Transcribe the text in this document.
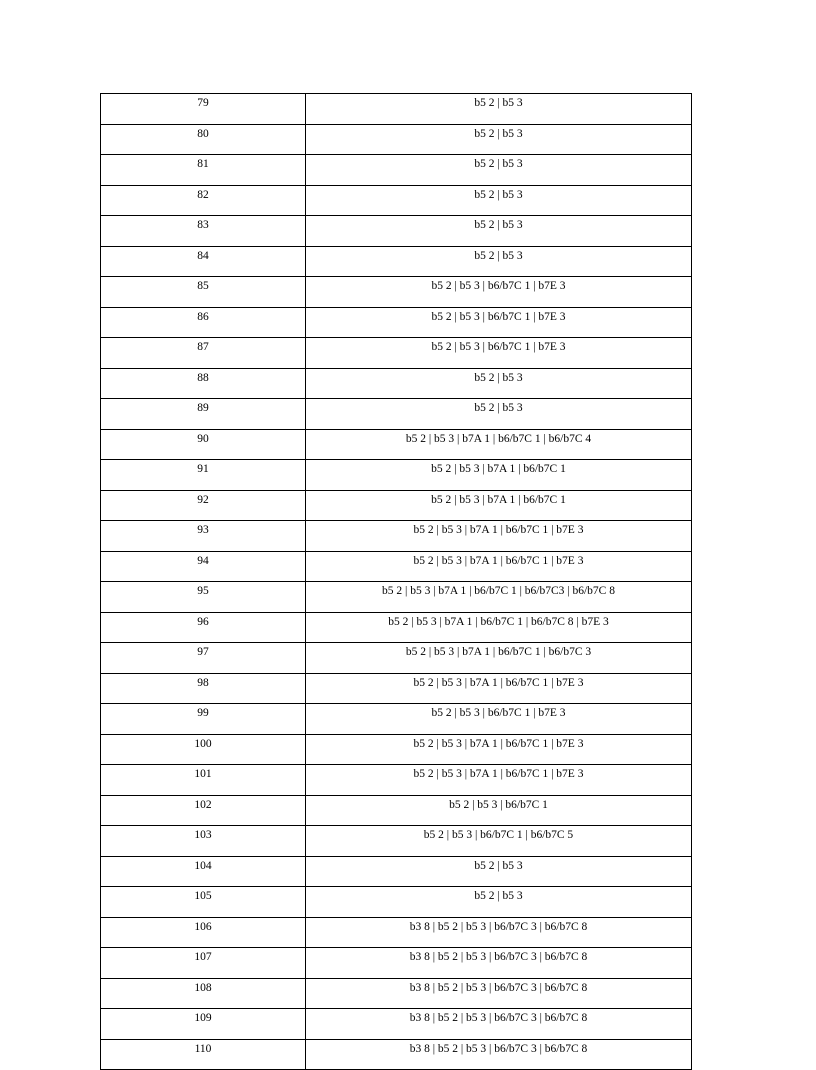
79	b5 2 | b5 3
80	b5 2 | b5 3
81	b5 2 | b5 3
82	b5 2 | b5 3
83	b5 2 | b5 3
84	b5 2 | b5 3
85	b5 2 | b5 3 | b6/b7C 1 | b7E 3
86	b5 2 | b5 3 | b6/b7C 1 | b7E 3
87	b5 2 | b5 3 | b6/b7C 1 | b7E 3
88	b5 2 | b5 3
89	b5 2 | b5 3
90	b5 2 | b5 3 | b7A 1 | b6/b7C 1 | b6/b7C 4
91	b5 2 | b5 3 | b7A 1 | b6/b7C 1
92	b5 2 | b5 3 | b7A 1 | b6/b7C 1
93	b5 2 | b5 3 | b7A 1 | b6/b7C 1 | b7E 3
94	b5 2 | b5 3 | b7A 1 | b6/b7C 1 | b7E 3
95	b5 2 | b5 3 | b7A 1 | b6/b7C 1 | b6/b7C3 | b6/b7C 8
96	b5 2 | b5 3 | b7A 1 | b6/b7C 1 | b6/b7C 8 | b7E 3
97	b5 2 | b5 3 | b7A 1 | b6/b7C 1 | b6/b7C 3
98	b5 2 | b5 3 | b7A 1 | b6/b7C 1 | b7E 3
99	b5 2 | b5 3 | b6/b7C 1 | b7E 3
100	b5 2 | b5 3 | b7A 1 | b6/b7C 1 | b7E 3
101	b5 2 | b5 3 | b7A 1 | b6/b7C 1 | b7E 3
102	b5 2 | b5 3 | b6/b7C 1
103	b5 2 | b5 3 | b6/b7C 1 | b6/b7C 5
104	b5 2 | b5 3
105	b5 2 | b5 3
106	b3 8 | b5 2 | b5 3 | b6/b7C 3 | b6/b7C 8
107	b3 8 | b5 2 | b5 3 | b6/b7C 3 | b6/b7C 8
108	b3 8 | b5 2 | b5 3 | b6/b7C 3 | b6/b7C 8
109	b3 8 | b5 2 | b5 3 | b6/b7C 3 | b6/b7C 8
110	b3 8 | b5 2 | b5 3 | b6/b7C 3 | b6/b7C 8
